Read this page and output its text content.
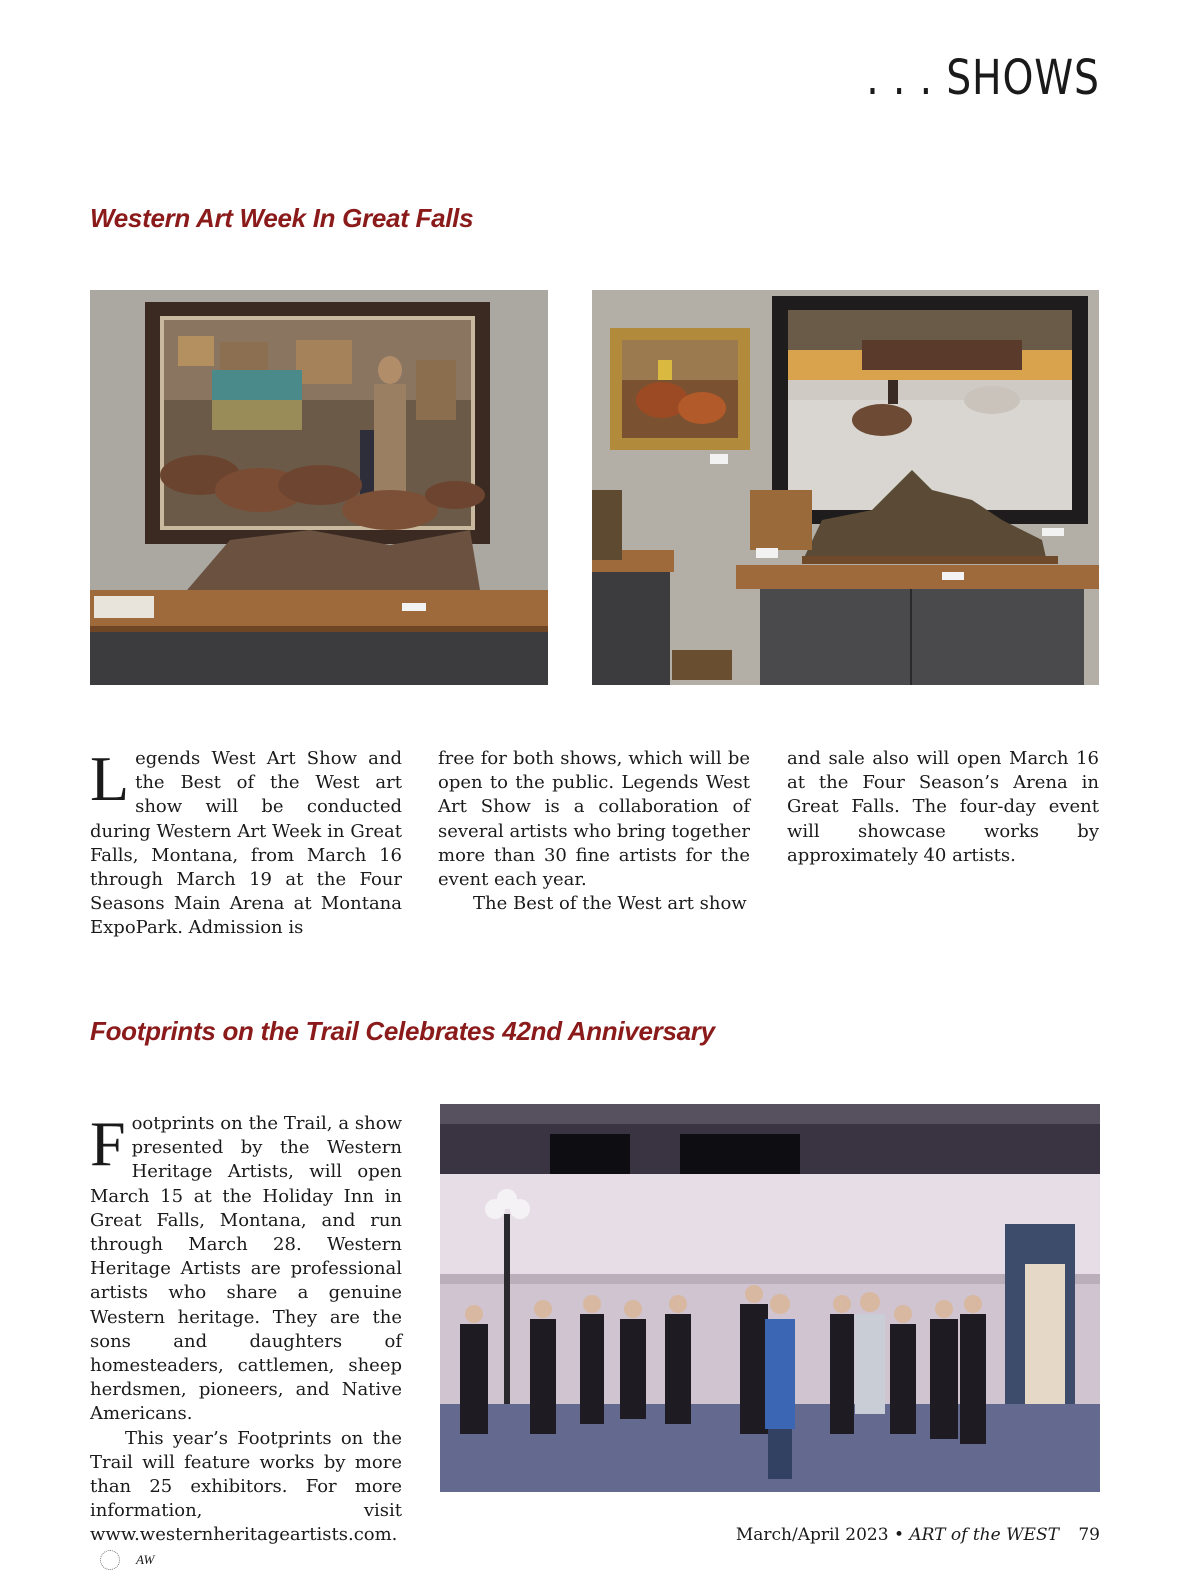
. . . SHOWS
Western Art Week In Great Falls

Legends West Art Show and the Best of the West art show will be conducted during Western Art Week in Great Falls, Montana, from March 16 through March 19 at the Four Seasons Main Arena at Montana ExpoPark. Admission is

free for both shows, which will be open to the public. Legends West Art Show is a collaboration of several artists who bring together more than 30 fine artists for the event each year.

The Best of the West art show

and sale also will open March 16 at the Four Season’s Arena in Great Falls. The four-day event will showcase works by approximately 40 artists.

Footprints on the Trail Celebrates 42nd Anniversary

Footprints on the Trail, a show presented by the Western Heritage Artists, will open March 15 at the Holiday Inn in Great Falls, Montana, and run through March 28. Western Heritage Artists are professional artists who share a genuine Western heritage. They are the sons and daughters of homesteaders, cattlemen, sheep herdsmen, pioneers, and Native Americans.

This year’s Footprints on the Trail will feature works by more than 25 exhibitors. For more information, visit www.westernheritageartists.com.AW

March/April 2023 • ART of the WEST 79
